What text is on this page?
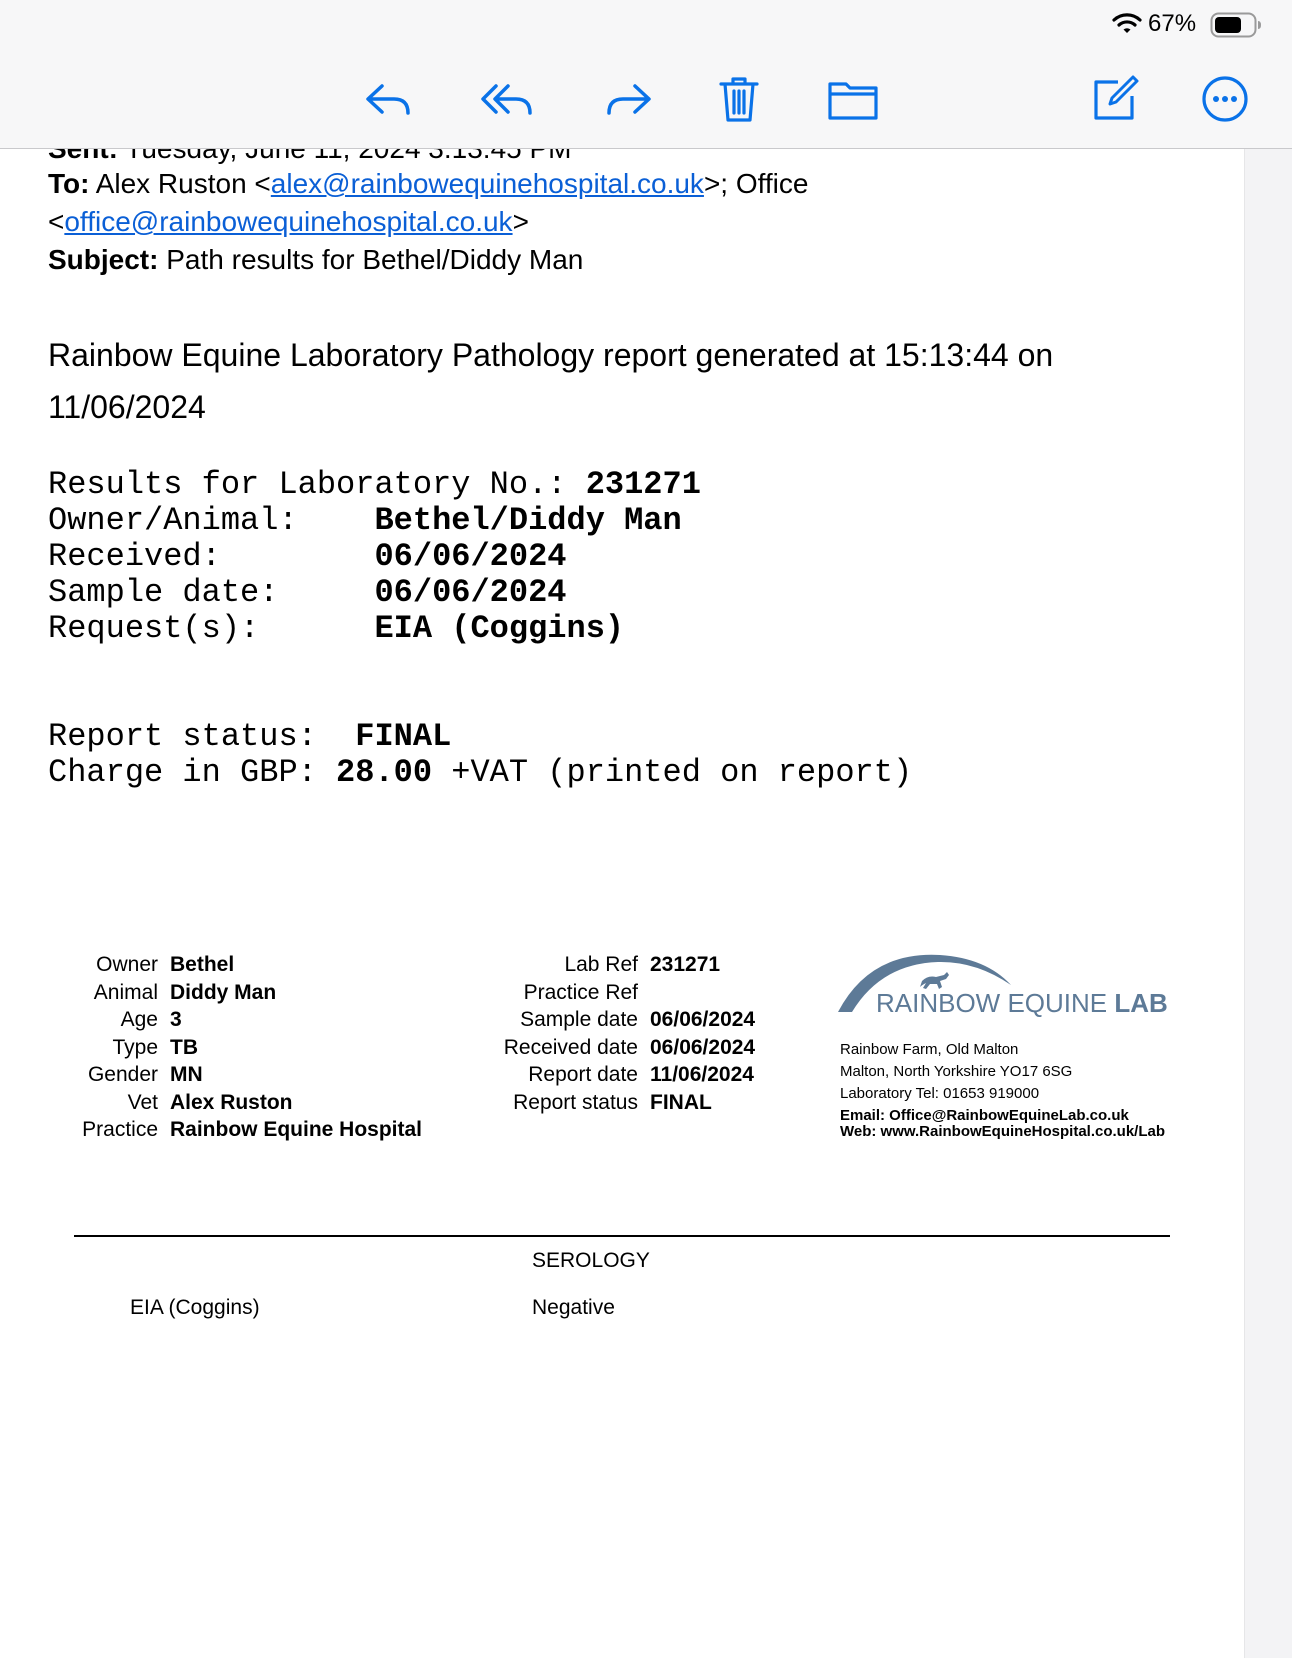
67%
To: Alex Ruston <alex@rainbowequinehospital.co.uk>; Office
<office@rainbowequinehospital.co.uk>
Subject: Path results for Bethel/Diddy Man
Rainbow Equine Laboratory Pathology report generated at 15:13:44 on 11/06/2024
Results for Laboratory No.: 231271
Owner/Animal:    Bethel/Diddy Man
Received:        06/06/2024
Sample date:     06/06/2024
Request(s):      EIA (Coggins)
Report status:  FINAL
Charge in GBP: 28.00 +VAT (printed on report)
Owner Bethel
Animal Diddy Man
Age 3
Type TB
Gender MN
Vet Alex Ruston
Practice Rainbow Equine Hospital
Lab Ref 231271
Practice Ref
Sample date 06/06/2024
Received date 06/06/2024
Report date 11/06/2024
Report status FINAL
RAINBOW EQUINE LAB
Rainbow Farm, Old Malton
Malton, North Yorkshire YO17 6SG
Laboratory Tel: 01653 919000
Email: Office@RainbowEquineLab.co.uk
Web: www.RainbowEquineHospital.co.uk/Lab
SEROLOGY
EIA (Coggins)	Negative
